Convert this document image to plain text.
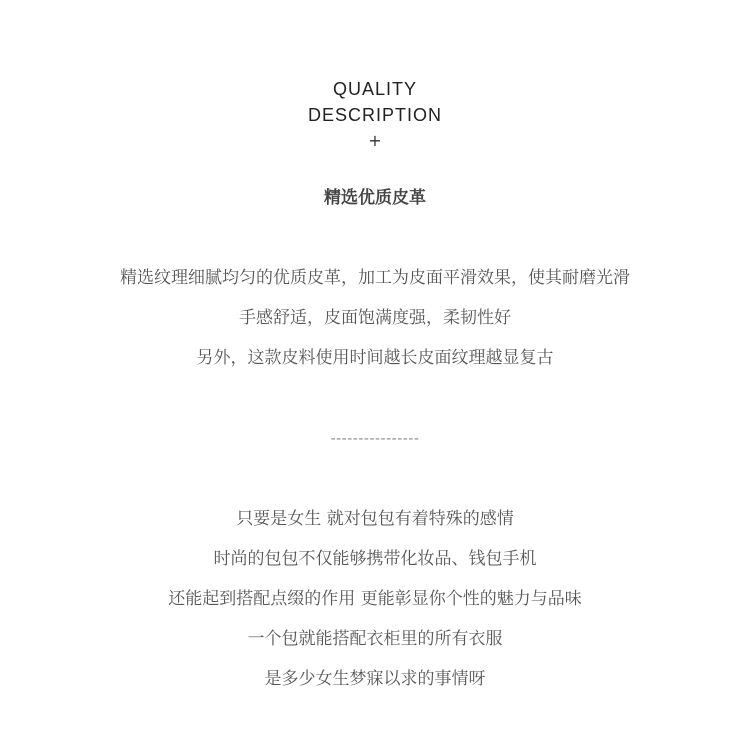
QUALITY
DESCRIPTION
+
精选优质皮革
精选纹理细腻均匀的优质皮革，加工为皮面平滑效果，使其耐磨光滑
手感舒适，皮面饱满度强，柔韧性好
另外，这款皮料使用时间越长皮面纹理越显复古
----------------
只要是女生 就对包包有着特殊的感情
时尚的包包不仅能够携带化妆品、钱包手机
还能起到搭配点缀的作用 更能彰显你个性的魅力与品味
一个包就能搭配衣柜里的所有衣服
是多少女生梦寐以求的事情呀
